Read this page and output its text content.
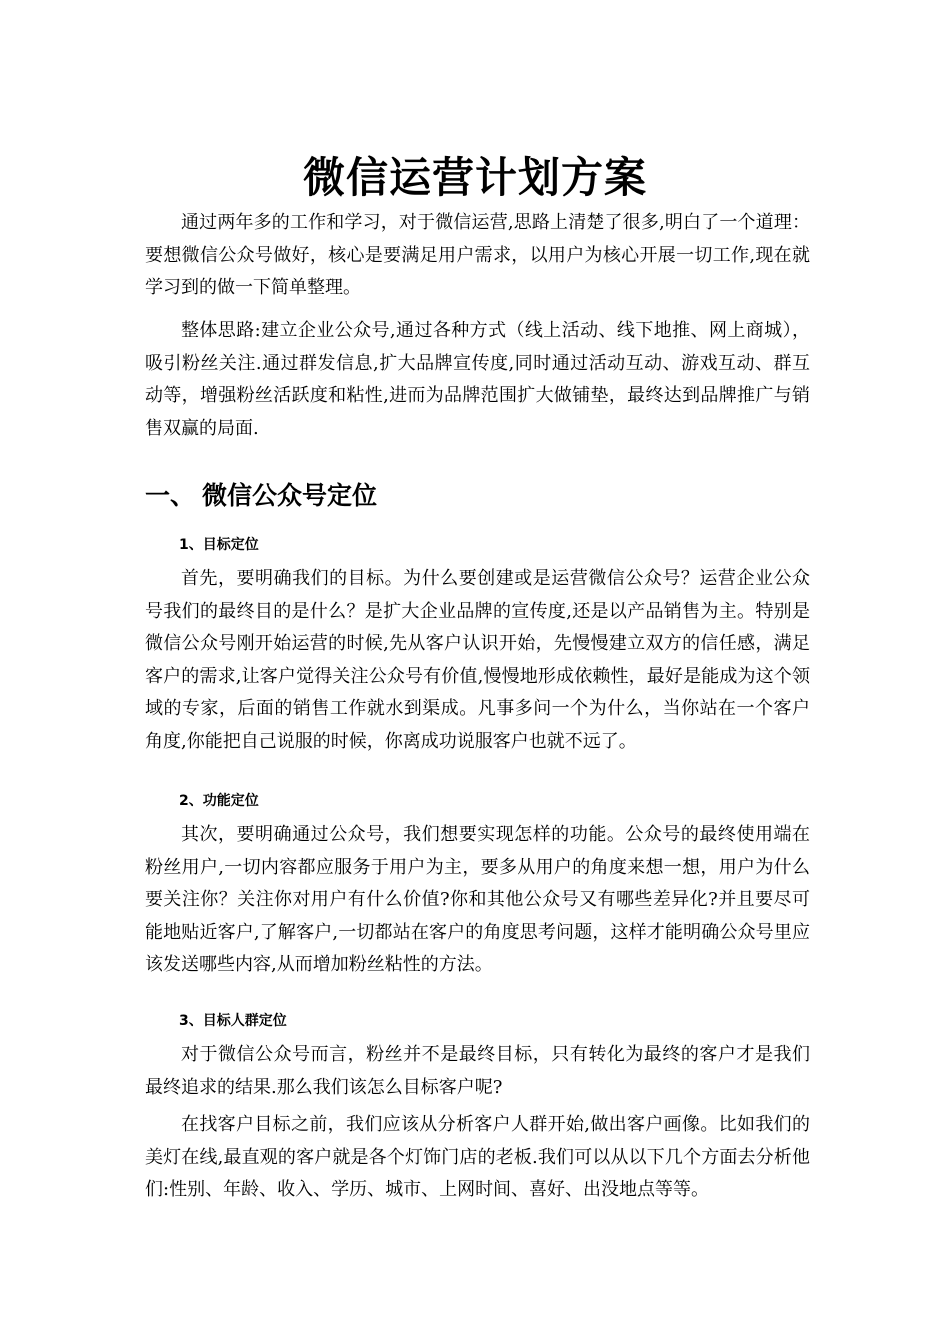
微信运营计划方案

通过两年多的工作和学习，对于微信运营,思路上清楚了很多,明白了一个道理：要想微信公众号做好，核心是要满足用户需求，以用户为核心开展一切工作,现在就学习到的做一下简单整理。

整体思路:建立企业公众号,通过各种方式（线上活动、线下地推、网上商城），吸引粉丝关注.通过群发信息,扩大品牌宣传度,同时通过活动互动、游戏互动、群互动等，增强粉丝活跃度和粘性,进而为品牌范围扩大做铺垫，最终达到品牌推广与销售双赢的局面.

一、 微信公众号定位
1、目标定位

首先，要明确我们的目标。为什么要创建或是运营微信公众号？运营企业公众号我们的最终目的是什么？是扩大企业品牌的宣传度,还是以产品销售为主。特别是微信公众号刚开始运营的时候,先从客户认识开始，先慢慢建立双方的信任感，满足客户的需求,让客户觉得关注公众号有价值,慢慢地形成依赖性，最好是能成为这个领域的专家，后面的销售工作就水到渠成。凡事多问一个为什么，当你站在一个客户角度,你能把自己说服的时候，你离成功说服客户也就不远了。

2、功能定位

其次，要明确通过公众号，我们想要实现怎样的功能。公众号的最终使用端在粉丝用户,一切内容都应服务于用户为主，要多从用户的角度来想一想，用户为什么要关注你？关注你对用户有什么价值?你和其他公众号又有哪些差异化?并且要尽可能地贴近客户,了解客户,一切都站在客户的角度思考问题，这样才能明确公众号里应该发送哪些内容,从而增加粉丝粘性的方法。

3、目标人群定位

对于微信公众号而言，粉丝并不是最终目标，只有转化为最终的客户才是我们最终追求的结果.那么我们该怎么目标客户呢?

在找客户目标之前，我们应该从分析客户人群开始,做出客户画像。比如我们的美灯在线,最直观的客户就是各个灯饰门店的老板.我们可以从以下几个方面去分析他们:性别、年龄、收入、学历、城市、上网时间、喜好、出没地点等等。
